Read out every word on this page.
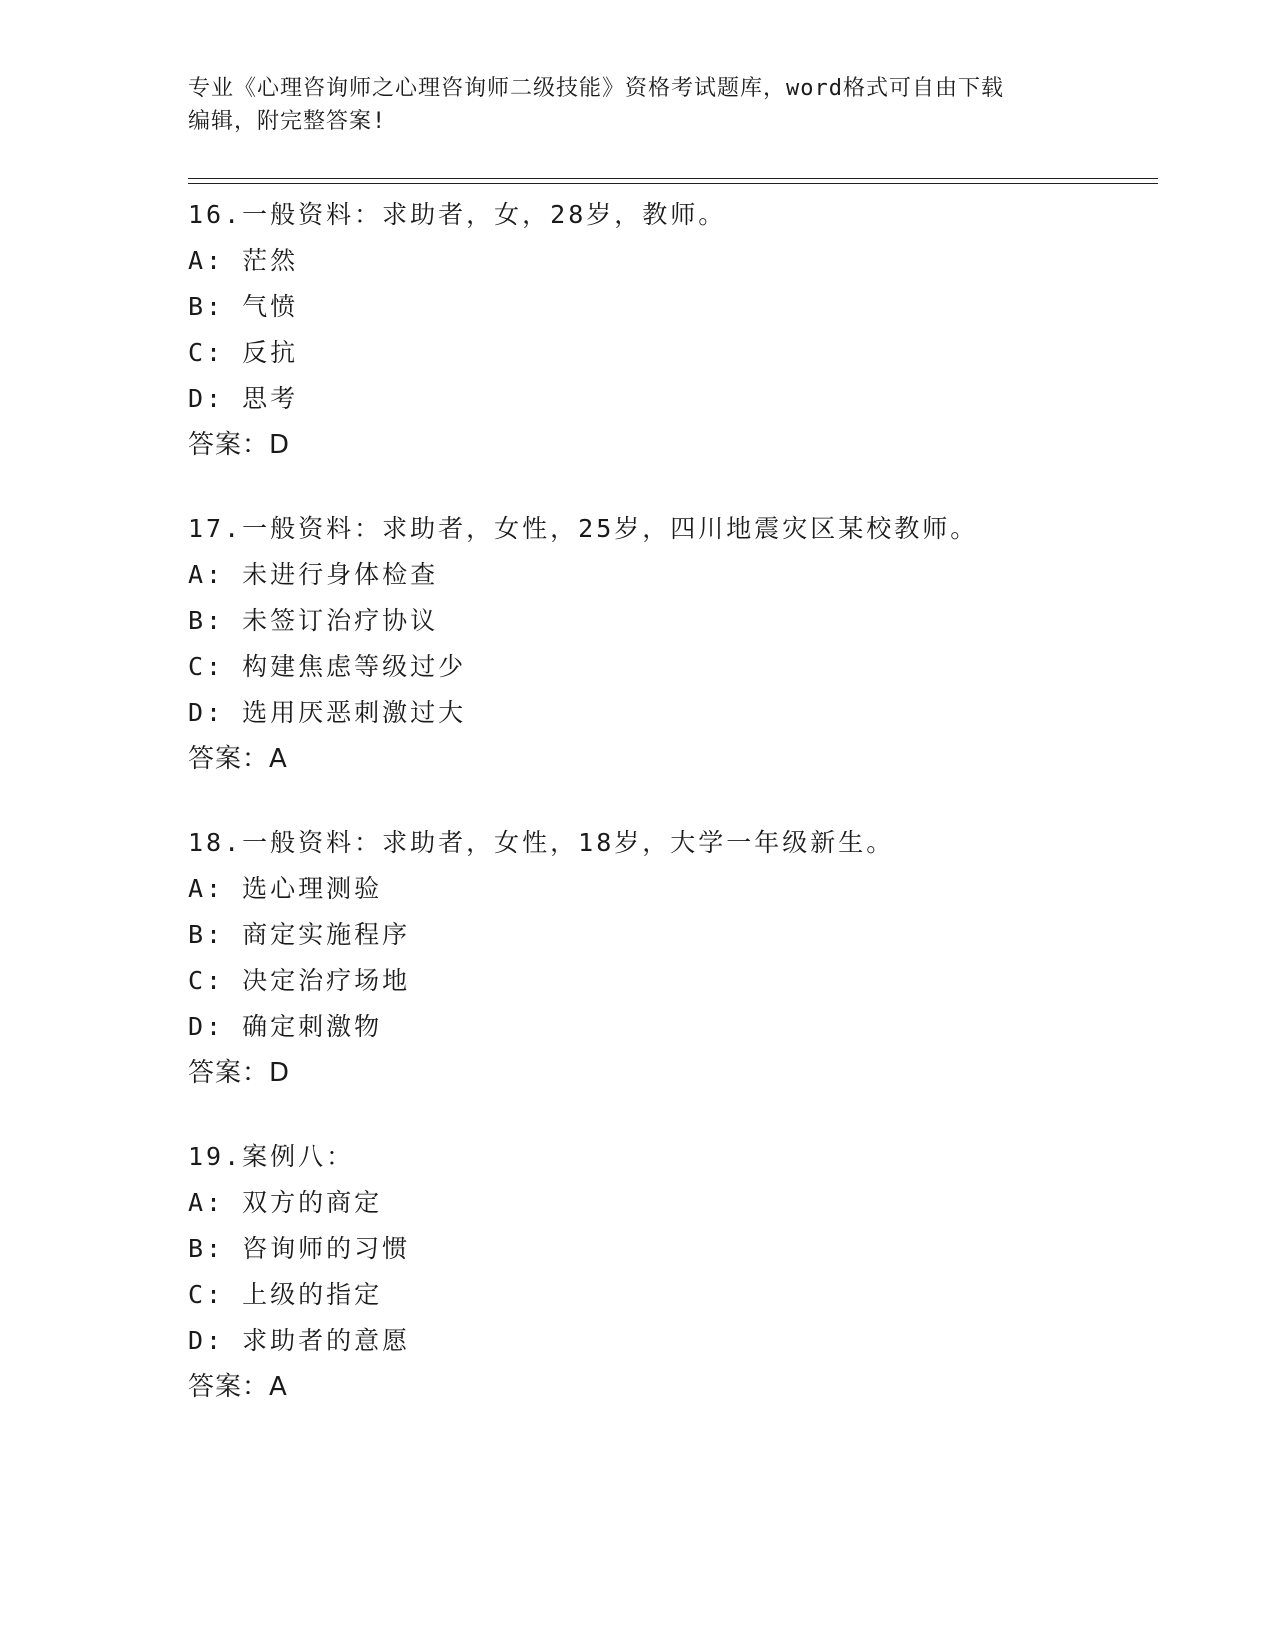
专业《心理咨询师之心理咨询师二级技能》资格考试题库，word格式可自由下载
编辑，附完整答案!
16.一般资料：求助者，女，28岁，教师。
A: 茫然
B: 气愤
C: 反抗
D: 思考
答案：D
17.一般资料：求助者，女性，25岁，四川地震灾区某校教师。
A: 未进行身体检查
B: 未签订治疗协议
C: 构建焦虑等级过少
D: 选用厌恶刺激过大
答案：A
18.一般资料：求助者，女性，18岁，大学一年级新生。
A: 选心理测验
B: 商定实施程序
C: 决定治疗场地
D: 确定刺激物
答案：D
19.案例八：
A: 双方的商定
B: 咨询师的习惯
C: 上级的指定
D: 求助者的意愿
答案：A
